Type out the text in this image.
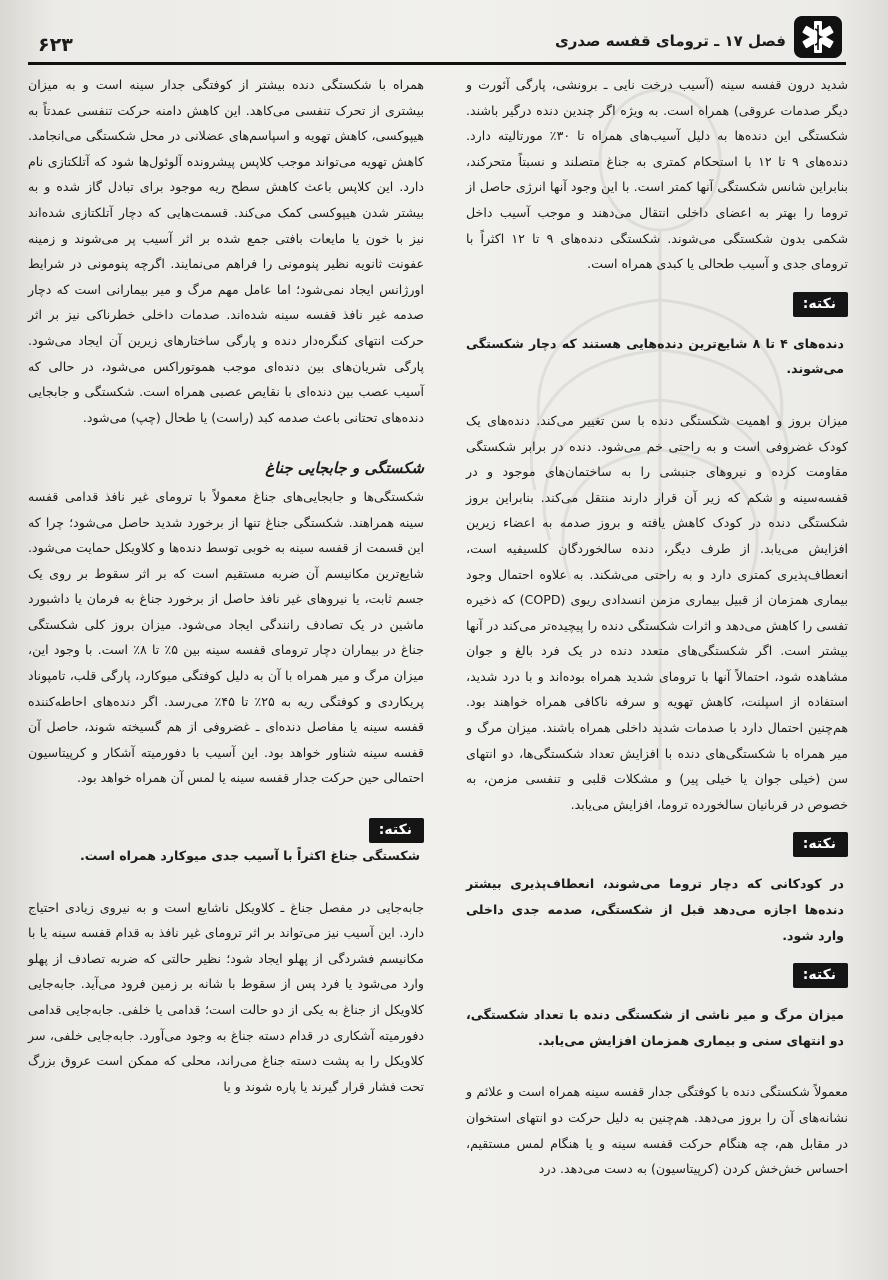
۶۲۳	فصل ۱۷ ـ ترومای قفسه صدری

شدید درون قفسه سینه (آسیب درخت نایی ـ برونشی، پارگی آئورت و دیگر صدمات عروقی) همراه است. به ویژه اگر چندین دنده درگیر باشند. شکستگی این دنده‌ها به دلیل آسیب‌های همراه تا ۳۰٪ مورتالیته دارد. دنده‌های ۹ تا ۱۲ با استحکام کمتری به جناغ متصلند و نسبتاً متحرکند، بنابراین شانس شکستگی آنها کمتر است. با این وجود آنها انرژی حاصل از تروما را بهتر به اعضای داخلی انتقال می‌دهند و موجب آسیب داخل شکمی بدون شکستگی می‌شوند. شکستگی دنده‌های ۹ تا ۱۲ اکثراً با ترومای جدی و آسیب طحالی یا کبدی همراه است.

نکته:

دنده‌های ۴ تا ۸ شایع‌ترین دنده‌هایی هستند که دچار شکستگی می‌شوند.

میزان بروز و اهمیت شکستگی دنده با سن تغییر می‌کند. دنده‌های یک کودک غضروفی است و به راحتی خم می‌شود. دنده در برابر شکستگی مقاومت کرده و نیروهای جنبشی را به ساختمان‌های موجود و در قفسه‌سینه و شکم که زیر آن قرار دارند منتقل می‌کند. بنابراین بروز شکستگی دنده در کودک کاهش یافته و بروز صدمه به اعضاء زیرین افزایش می‌یابد. از طرف دیگر، دنده سالخوردگان کلسیفیه است، انعطاف‌پذیری کمتری دارد و به راحتی می‌شکند. به علاوه احتمال وجود بیماری همزمان از قبیل بیماری مزمن انسدادی ریوی (COPD) که ذخیره تفسی را کاهش می‌دهد و اثرات شکستگی دنده را پیچیده‌تر می‌کند در آنها بیشتر است. اگر شکستگی‌های متعدد دنده در یک فرد بالغ و جوان مشاهده شود، احتمالاً آنها با ترومای شدید همراه بوده‌اند و با درد شدید، استفاده از اسپلنت، کاهش تهویه و سرفه ناکافی همراه خواهند بود. هم‌چنین احتمال دارد با صدمات شدید داخلی همراه باشند. میزان مرگ و میر همراه با شکستگی‌های دنده با افزایش تعداد شکستگی‌ها، دو انتهای سن (خیلی جوان یا خیلی پیر) و مشکلات قلبی و تنفسی مزمن، به خصوص در قربانیان سالخورده تروما، افزایش می‌یابد.

نکته:

در کودکانی که دچار تروما می‌شوند، انعطاف‌پذیری بیشتر دنده‌ها اجازه می‌دهد قبل از شکستگی، صدمه جدی داخلی وارد شود.

نکته:

میزان مرگ و میر ناشی از شکستگی دنده با تعداد شکستگی، دو انتهای سنی و بیماری همزمان افزایش می‌یابد.

معمولاً شکستگی دنده با کوفتگی جدار قفسه سینه همراه است و علائم و نشانه‌های آن را بروز می‌دهد. هم‌چنین به دلیل حرکت دو انتهای استخوان در مقابل هم، چه هنگام حرکت قفسه سینه و یا هنگام لمس مستقیم، احساس خش‌خش کردن (کرپیتاسیون) به دست می‌دهد. درد

همراه با شکستگی دنده بیشتر از کوفتگی جدار سینه است و به میزان بیشتری از تحرک تنفسی می‌کاهد. این کاهش دامنه حرکت تنفسی عمدتاً به هیپوکسی، کاهش تهویه و اسپاسم‌های عضلانی در محل شکستگی می‌انجامد. کاهش تهویه می‌تواند موجب کلاپس پیشرونده آلوئول‌ها شود که آتلکتازی نام دارد. این کلاپس باعث کاهش سطح ریه موجود برای تبادل گاز شده و به بیشتر شدن هیپوکسی کمک می‌کند. قسمت‌هایی که دچار آتلکتازی شده‌اند نیز با خون یا مایعات بافتی جمع شده بر اثر آسیب پر می‌شوند و زمینه عفونت ثانویه نظیر پنومونی را فراهم می‌نمایند. اگرچه پنومونی در شرایط اورژانس ایجاد نمی‌شود؛ اما عامل مهم مرگ و میر بیمارانی است که دچار صدمه غیر نافذ قفسه سینه شده‌اند. صدمات داخلی خطرناکی نیز بر اثر حرکت انتهای کنگره‌دار دنده و پارگی ساختارهای زیرین آن ایجاد می‌شود. پارگی شریان‌های بین دنده‌ای موجب هموتوراکس می‌شود، در حالی که آسیب عصب بین دنده‌ای با نقایص عصبی همراه است. شکستگی و جابجایی دنده‌های تحتانی باعث صدمه کبد (راست) یا طحال (چپ) می‌شود.

شکستگی و جابجایی جناغ

شکستگی‌ها و جابجایی‌های جناغ معمولاً با ترومای غیر نافذ قدامی قفسه سینه همراهند. شکستگی جناغ تنها از برخورد شدید حاصل می‌شود؛ چرا که این قسمت از قفسه سینه به خوبی توسط دنده‌ها و کلاویکل حمایت می‌شود. شایع‌ترین مکانیسم آن ضربه مستقیم است که بر اثر سقوط بر روی یک جسم ثابت، یا نیروهای غیر نافذ حاصل از برخورد جناغ به فرمان یا داشبورد ماشین در یک تصادف رانندگی ایجاد می‌شود. میزان بروز کلی شکستگی جناغ در بیماران دچار ترومای قفسه سینه بین ۵٪ تا ۸٪ است. با وجود این، میزان مرگ و میر همراه با آن به دلیل کوفتگی میوکارد، پارگی قلب، تامپوناد پریکاردی و کوفتگی ریه به ۲۵٪ تا ۴۵٪ می‌رسد. اگر دنده‌های احاطه‌کننده قفسه سینه یا مفاصل دنده‌ای ـ غضروفی از هم گسیخته شوند، حاصل آن قفسه سینه شناور خواهد بود. این آسیب با دفورمیته آشکار و کرپیتاسیون احتمالی حین حرکت جدار قفسه سینه یا لمس آن همراه خواهد بود.

نکته:

شکستگی جناغ اکثراً با آسیب جدی میوکارد همراه است.

جابه‌جایی در مفصل جناغ ـ کلاویکل ناشایع است و به نیروی زیادی احتیاج دارد. این آسیب نیز می‌تواند بر اثر ترومای غیر نافذ به قدام قفسه سینه یا با مکانیسم فشردگی از پهلو ایجاد شود؛ نظیر حالتی که ضربه تصادف از پهلو وارد می‌شود یا فرد پس از سقوط با شانه بر زمین فرود می‌آید. جابه‌جایی کلاویکل از جناغ به یکی از دو حالت است؛ قدامی یا خلفی. جابه‌جایی قدامی دفورمیته آشکاری در قدام دسته جناغ به وجود می‌آورد. جابه‌جایی خلفی، سر کلاویکل را به پشت دسته جناغ می‌راند، محلی که ممکن است عروق بزرگ تحت فشار قرار گیرند یا پاره شوند و یا
